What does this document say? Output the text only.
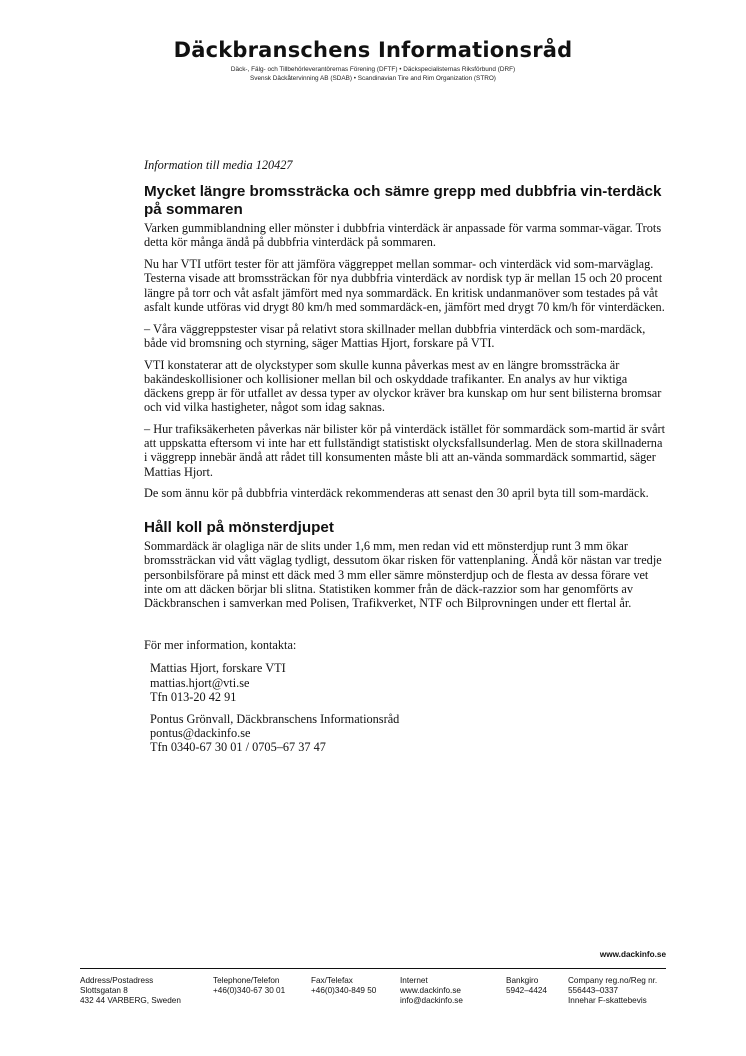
Däckbranschens Informationsråd
Däck-, Fälg- och Tillbehörleverantörernas Förening (DFTF) • Däckspecialisternas Riksförbund (DRF)
Svensk Däckåtervinning AB (SDAB) • Scandinavian Tire and Rim Organization (STRO)
Information till media 120427
Mycket längre bromssträcka och sämre grepp med dubbfria vin-terdäck på sommaren

Varken gummiblandning eller mönster i dubbfria vinterdäck är anpassade för varma sommar-vägar. Trots detta kör många ändå på dubbfria vinterdäck på sommaren.

Nu har VTI utfört tester för att jämföra väggreppet mellan sommar- och vinterdäck vid som-marväglag. Testerna visade att bromssträckan för nya dubbfria vinterdäck av nordisk typ är mellan 15 och 20 procent längre på torr och våt asfalt jämfört med nya sommardäck. En kritisk undanmanöver som testades på våt asfalt kunde utföras vid drygt 80 km/h med sommardäck-en, jämfört med drygt 70 km/h för vinterdäcken.

– Våra väggreppstester visar på relativt stora skillnader mellan dubbfria vinterdäck och som-mardäck, både vid bromsning och styrning, säger Mattias Hjort, forskare på VTI.

VTI konstaterar att de olyckstyper som skulle kunna påverkas mest av en längre bromssträcka är bakändeskollisioner och kollisioner mellan bil och oskyddade trafikanter. En analys av hur viktiga däckens grepp är för utfallet av dessa typer av olyckor kräver bra kunskap om hur sent bilisterna bromsar och vid vilka hastigheter, något som idag saknas.

– Hur trafiksäkerheten påverkas när bilister kör på vinterdäck istället för sommardäck som-martid är svårt att uppskatta eftersom vi inte har ett fullständigt statistiskt olycksfallsunderlag. Men de stora skillnaderna i väggrepp innebär ändå att rådet till konsumenten måste bli att an-vända sommardäck sommartid, säger Mattias Hjort.

De som ännu kör på dubbfria vinterdäck rekommenderas att senast den 30 april byta till som-mardäck.

Håll koll på mönsterdjupet

Sommardäck är olagliga när de slits under 1,6 mm, men redan vid ett mönsterdjup runt 3 mm ökar bromssträckan vid vått väglag tydligt, dessutom ökar risken för vattenplaning. Ändå kör nästan var tredje personbilsförare på minst ett däck med 3 mm eller sämre mönsterdjup och de flesta av dessa förare vet inte om att däcken börjar bli slitna. Statistiken kommer från de däck-razzior som har genomförts av Däckbranschen i samverkan med Polisen, Trafikverket, NTF och Bilprovningen under ett flertal år.

För mer information, kontakta:
Mattias Hjort, forskare VTI
mattias.hjort@vti.se
Tfn 013-20 42 91
Pontus Grönvall, Däckbranschens Informationsråd
pontus@dackinfo.se
Tfn 0340-67 30 01 / 0705–67 37 47
www.dackinfo.se
Address/Postadress
Slottsgatan 8
432 44 VARBERG, Sweden
Telephone/Telefon
+46(0)340-67 30 01
Fax/Telefax
+46(0)340-849 50
Internet
www.dackinfo.se
info@dackinfo.se
Bankgiro
5942–4424
Company reg.no/Reg nr.
556443–0337
Innehar F-skattebevis
